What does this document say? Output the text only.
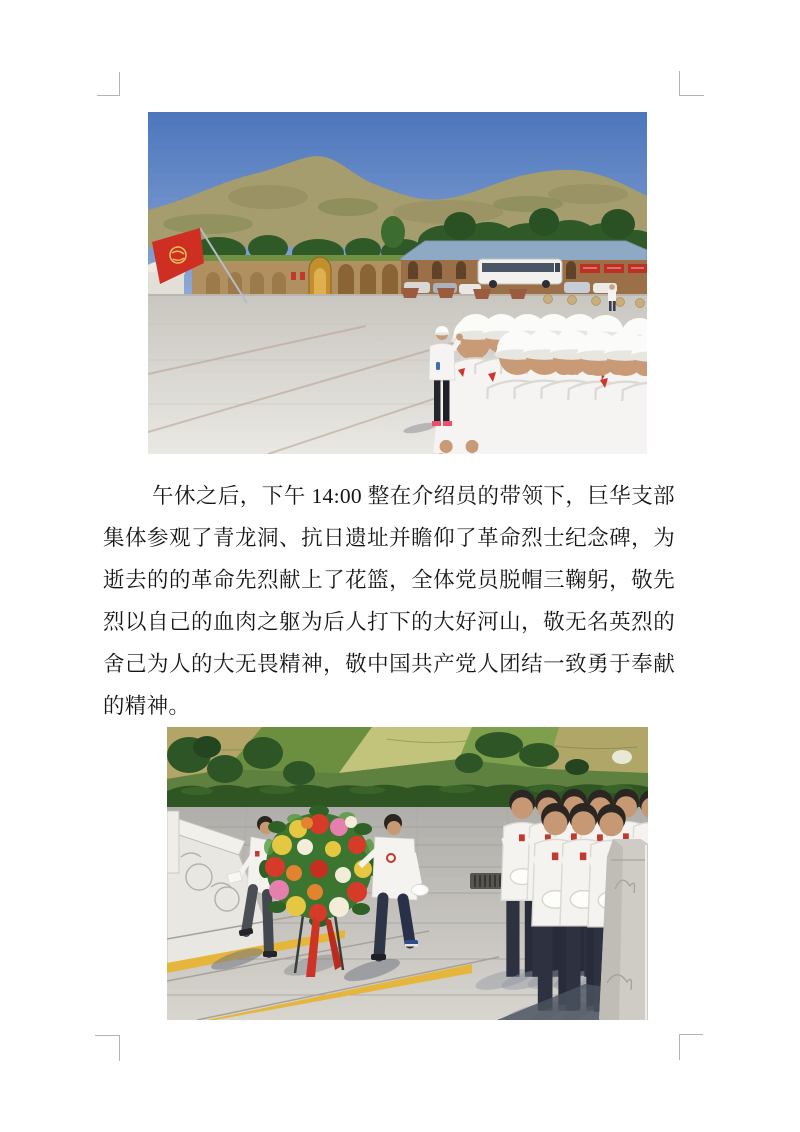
午休之后，下午 14:00 整在介绍员的带领下，巨华支部
集体参观了青龙洞、抗日遗址并瞻仰了革命烈士纪念碑，为
逝去的的革命先烈献上了花篮，全体党员脱帽三鞠躬，敬先
烈以自己的血肉之躯为后人打下的大好河山，敬无名英烈的
舍己为人的大无畏精神，敬中国共产党人团结一致勇于奉献
的精神。
